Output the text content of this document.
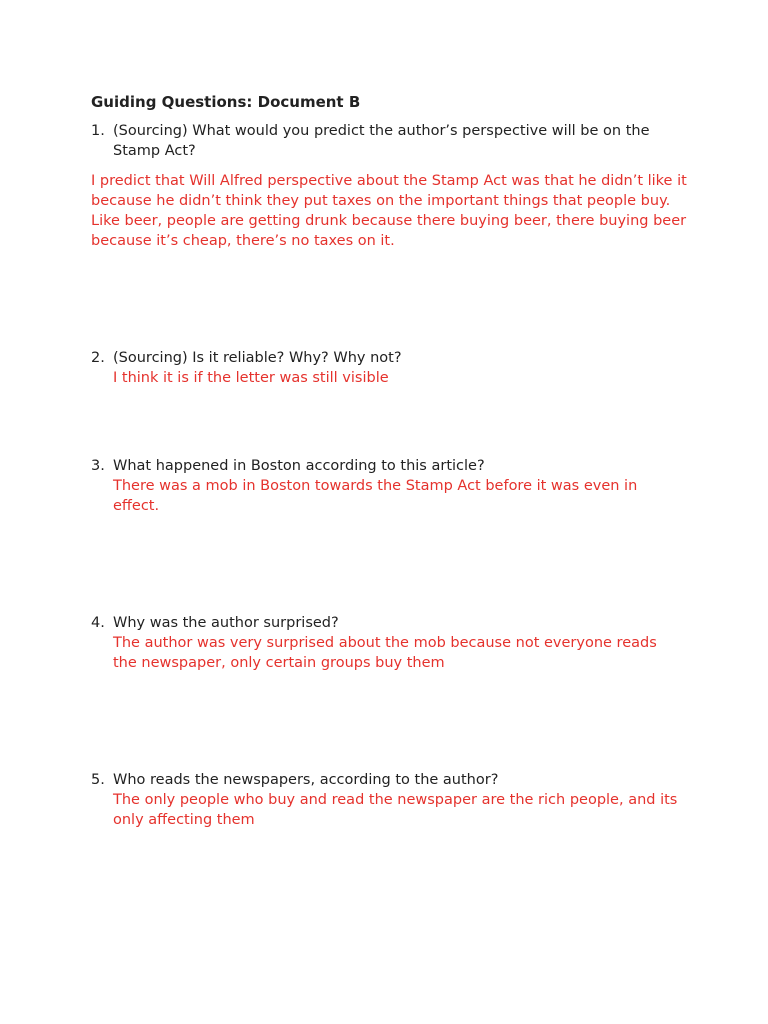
Guiding Questions: Document B
1. (Sourcing) What would you predict the author’s perspective will be on the Stamp Act?
I predict that Will Alfred perspective about the Stamp Act was that he didn’t like it because he didn’t think they put taxes on the important things that people buy. Like beer, people are getting drunk because there buying beer, there buying beer because it’s cheap, there’s no taxes on it.
2. (Sourcing) Is it reliable? Why? Why not?
I think it is if the letter was still visible
3. What happened in Boston according to this article?
There was a mob in Boston towards the Stamp Act before it was even in effect.
4. Why was the author surprised?
The author was very surprised about the mob because not everyone reads the newspaper, only certain groups buy them
5. Who reads the newspapers, according to the author?
The only people who buy and read the newspaper are the rich people, and its only affecting them
